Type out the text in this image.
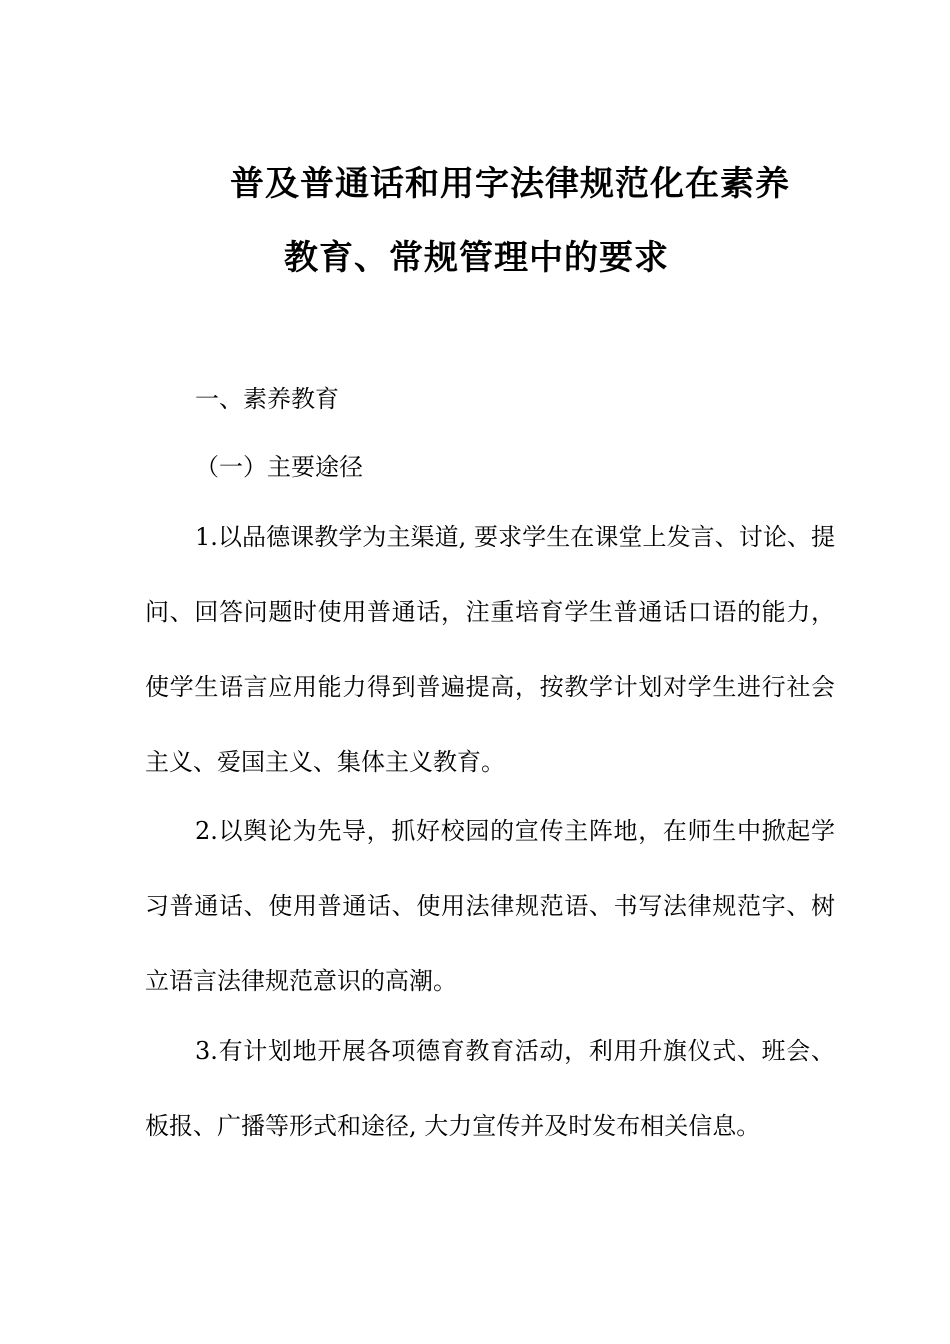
普及普通话和用字法律规范化在素养
教育、常规管理中的要求
一、素养教育
（一）主要途径
1.以品德课教学为主渠道, 要求学生在课堂上发言、讨论、提问、回答问题时使用普通话，注重培育学生普通话口语的能力，使学生语言应用能力得到普遍提高，按教学计划对学生进行社会主义、爱国主义、集体主义教育。
2.以舆论为先导，抓好校园的宣传主阵地，在师生中掀起学习普通话、使用普通话、使用法律规范语、书写法律规范字、树立语言法律规范意识的高潮。
3.有计划地开展各项德育教育活动，利用升旗仪式、班会、板报、广播等形式和途径, 大力宣传并及时发布相关信息。
